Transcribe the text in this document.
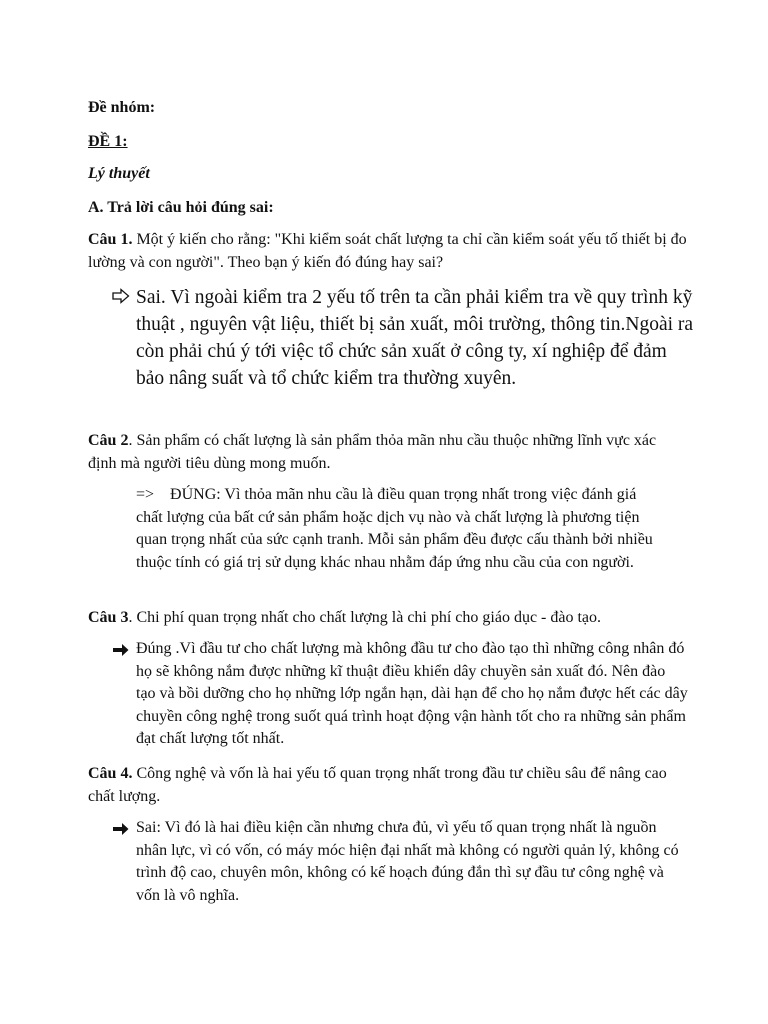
Đề nhóm:
ĐỀ 1:
Lý thuyết
A. Trả lời câu hỏi đúng sai:

Câu 1. Một ý kiến cho rằng: "Khi kiểm soát chất lượng ta chỉ cần kiểm soát yếu tố thiết bị đo lường và con người". Theo bạn ý kiến đó đúng hay sai?

Sai. Vì ngoài kiểm tra 2 yếu tố trên ta cần phải kiểm tra về quy trình kỹ thuật , nguyên vật liệu, thiết bị sản xuất, môi trường, thông tin.Ngoài ra còn phải chú ý tới việc tổ chức sản xuất ở công ty, xí nghiệp để đảm bảo nâng suất và tổ chức kiểm tra thường xuyên.

Câu 2. Sản phẩm có chất lượng là sản phẩm thỏa mãn nhu cầu thuộc những lĩnh vực xác định mà người tiêu dùng mong muốn.

=> ĐÚNG: Vì thỏa mãn nhu cầu là điều quan trọng nhất trong việc đánh giá chất lượng của bất cứ sản phẩm hoặc dịch vụ nào và chất lượng là phương tiện quan trọng nhất của sức cạnh tranh. Mỗi sản phẩm đều được cấu thành bởi nhiều thuộc tính có giá trị sử dụng khác nhau nhằm đáp ứng nhu cầu của con người.

Câu 3. Chi phí quan trọng nhất cho chất lượng là chi phí cho giáo dục - đào tạo.

Đúng .Vì đầu tư cho chất lượng mà không đầu tư cho đào tạo thì những công nhân đó họ sẽ không nắm được những kĩ thuật điều khiển dây chuyền sản xuất đó. Nên đào tạo và bồi dưỡng cho họ những lớp ngắn hạn, dài hạn để cho họ nắm được hết các dây chuyền công nghệ trong suốt quá trình hoạt động vận hành tốt cho ra những sản phẩm đạt chất lượng tốt nhất.

Câu 4. Công nghệ và vốn là hai yếu tố quan trọng nhất trong đầu tư chiều sâu để nâng cao chất lượng.

Sai: Vì đó là hai điều kiện cần nhưng chưa đủ, vì yếu tố quan trọng nhất là nguồn nhân lực, vì có vốn, có máy móc hiện đại nhất mà không có người quản lý, không có trình độ cao, chuyên môn, không có kế hoạch đúng đắn thì sự đầu tư công nghệ và vốn là vô nghĩa.
